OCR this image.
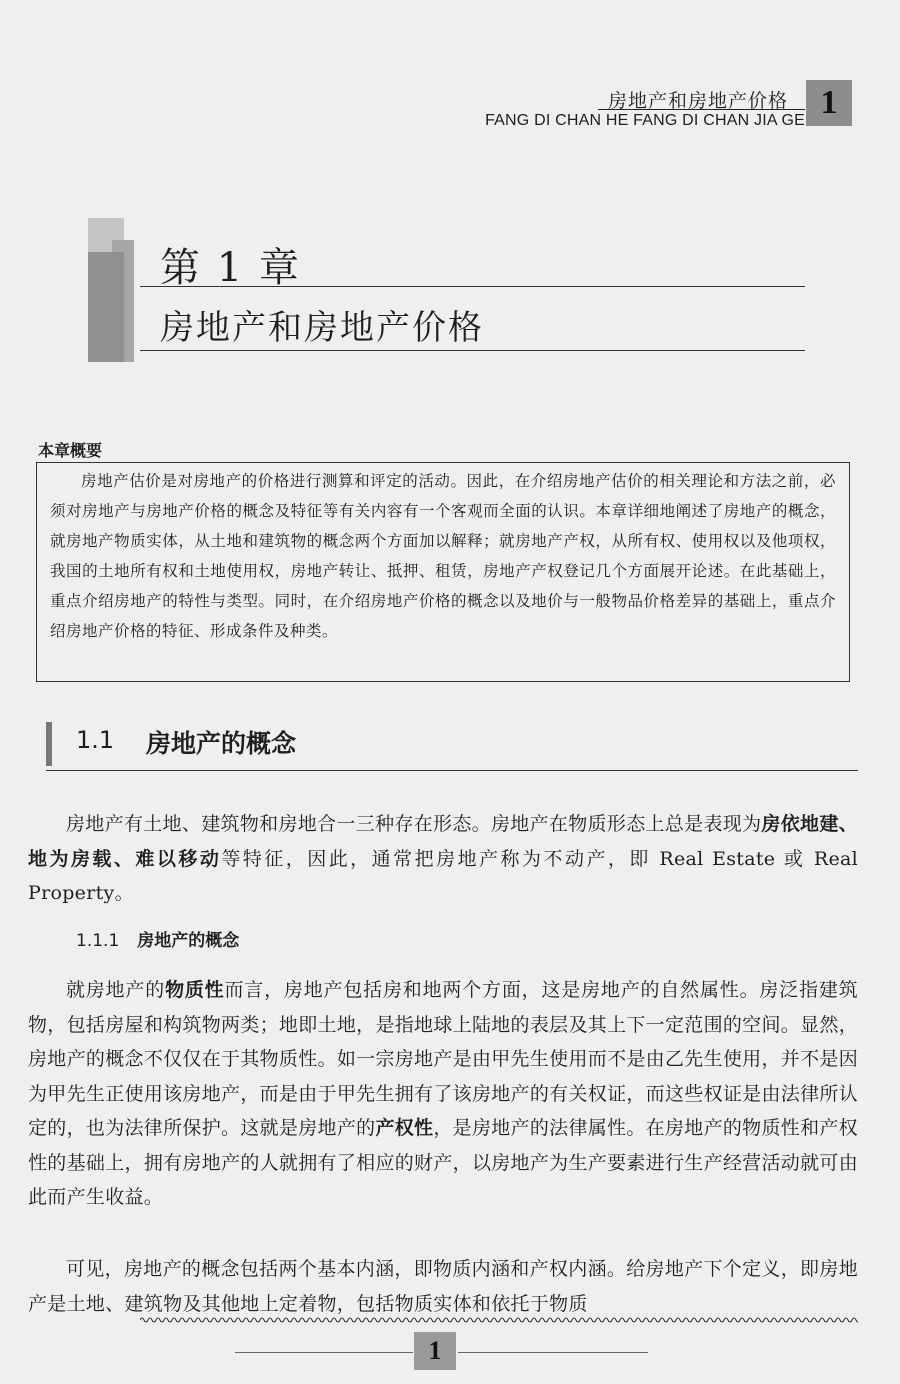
房地产和房地产价格
FANG DI CHAN HE FANG DI CHAN JIA GE 1
第 1 章
房地产和房地产价格
本章概要
房地产估价是对房地产的价格进行测算和评定的活动。因此，在介绍房地产估价的相关理论和方法之前，必须对房地产与房地产价格的概念及特征等有关内容有一个客观而全面的认识。本章详细地阐述了房地产的概念，就房地产物质实体，从土地和建筑物的概念两个方面加以解释；就房地产产权，从所有权、使用权以及他项权，我国的土地所有权和土地使用权，房地产转让、抵押、租赁，房地产产权登记几个方面展开论述。在此基础上，重点介绍房地产的特性与类型。同时，在介绍房地产价格的概念以及地价与一般物品价格差异的基础上，重点介绍房地产价格的特征、形成条件及种类。
1.1 房地产的概念
房地产有土地、建筑物和房地合一三种存在形态。房地产在物质形态上总是表现为房依地建、地为房载、难以移动等特征，因此，通常把房地产称为不动产，即 Real Estate 或 Real Property。
1.1.1 房地产的概念
就房地产的物质性而言，房地产包括房和地两个方面，这是房地产的自然属性。房泛指建筑物，包括房屋和构筑物两类；地即土地，是指地球上陆地的表层及其上下一定范围的空间。显然，房地产的概念不仅仅在于其物质性。如一宗房地产是由甲先生使用而不是由乙先生使用，并不是因为甲先生正使用该房地产，而是由于甲先生拥有了该房地产的有关权证，而这些权证是由法律所认定的，也为法律所保护。这就是房地产的产权性，是房地产的法律属性。在房地产的物质性和产权性的基础上，拥有房地产的人就拥有了相应的财产，以房地产为生产要素进行生产经营活动就可由此而产生收益。
可见，房地产的概念包括两个基本内涵，即物质内涵和产权内涵。给房地产下个定义，即房地产是土地、建筑物及其他地上定着物，包括物质实体和依托于物质
1
